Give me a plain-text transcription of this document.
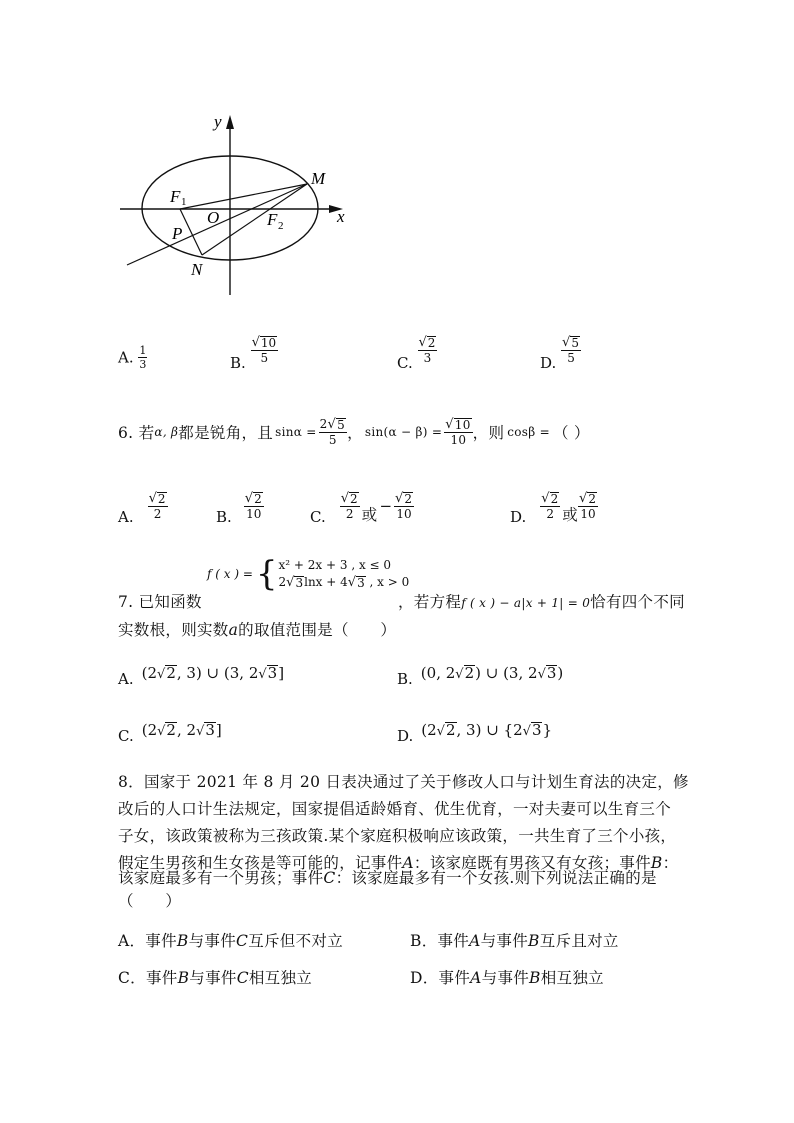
y
x
M
F 1
O	F 2
P
N
A. $\frac{1}{3}$	B. $\frac{√ 10}{5}$	C. $\frac{√ 2}{3}$	D. $\frac{√ 5}{5}$
6. 若 α, β 都是锐角，且 $\sin\alpha = \frac{2 √ 5}{5}$ ， $\sin(\alpha - \beta) = \frac{√ 10}{10}$ ，则 cosβ = （ ）
A. $\frac{√ 2}{2}$	B. $\frac{√ 2}{10}$	C. $\frac{√ 2}{2}$ 或 − $\frac{√ 2}{10}$	D. $\frac{√ 2}{2}$ 或 $\frac{√ 2}{10}$
f ( x ) = { x² + 2x + 3 , x ≤ 0
2 √ 3 lnx + 4 √ 3 , x > 0
7. 已知函数	，若方程f ( x ) − a|x + 1| = 0恰有四个不同
实数根，则实数a的取值范围是（　　）
A. (2 √ 2 , 3) ∪ (3, 2 √ 3 ]	B. (0, 2 √ 2 ) ∪ (3, 2 √ 3 )
C. (2 √ 2 , 2 √ 3 ]	D. (2 √ 2 , 3) ∪ {2 √ 3 }
8．国家于 2021 年 8 月 20 日表决通过了关于修改人口与计划生育法的决定，修
改后的人口计生法规定，国家提倡适龄婚育、优生优育，一对夫妻可以生育三个
子女，该政策被称为三孩政策.某个家庭积极响应该政策，一共生育了三个小孩，
假定生男孩和生女孩是等可能的，记事件A：该家庭既有男孩又有女孩；事件B：
该家庭最多有一个男孩；事件C：该家庭最多有一个女孩.则下列说法正确的是
（　　）
A．事件B与事件C互斥但不对立	B．事件A与事件B互斥且对立
C．事件B与事件C相互独立	D．事件A与事件B相互独立
